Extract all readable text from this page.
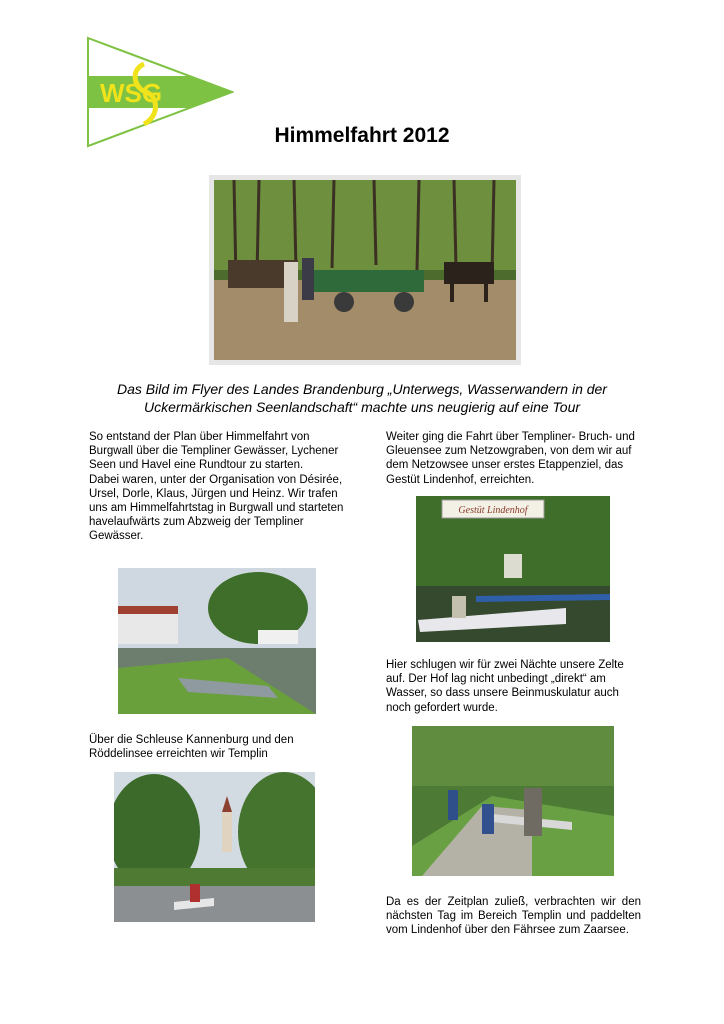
WSG
Himmelfahrt 2012
Das Bild im Flyer des Landes Brandenburg „Unterwegs, Wasserwandern in der Uckermärkischen Seenlandschaft“ machte uns neugierig auf eine Tour
So entstand der Plan über Himmelfahrt von Burgwall über die Templiner Gewässer, Lychener Seen und Havel eine Rundtour zu starten.
Dabei waren, unter der Organisation von Désirée, Ursel, Dorle, Klaus, Jürgen und Heinz. Wir trafen uns am Himmelfahrtstag in Burgwall und starteten havelaufwärts zum Abzweig der Templiner Gewässer.
Weiter ging die Fahrt über Templiner- Bruch- und Gleuensee zum Netzowgraben, von dem wir auf dem Netzowsee unser erstes Etappenziel, das Gestüt Lindenhof, erreichten.
Hier schlugen wir für zwei Nächte unsere Zelte auf. Der Hof lag nicht unbedingt „direkt“ am Wasser, so dass unsere Beinmuskulatur auch noch gefordert wurde.
Über die Schleuse Kannenburg und den Röddelinsee erreichten wir Templin
Da es der Zeitplan zuließ, verbrachten wir den nächsten Tag im Bereich Templin und paddelten vom Lindenhof über den Fährsee zum Zaarsee.
Gestüt Lindenhof
